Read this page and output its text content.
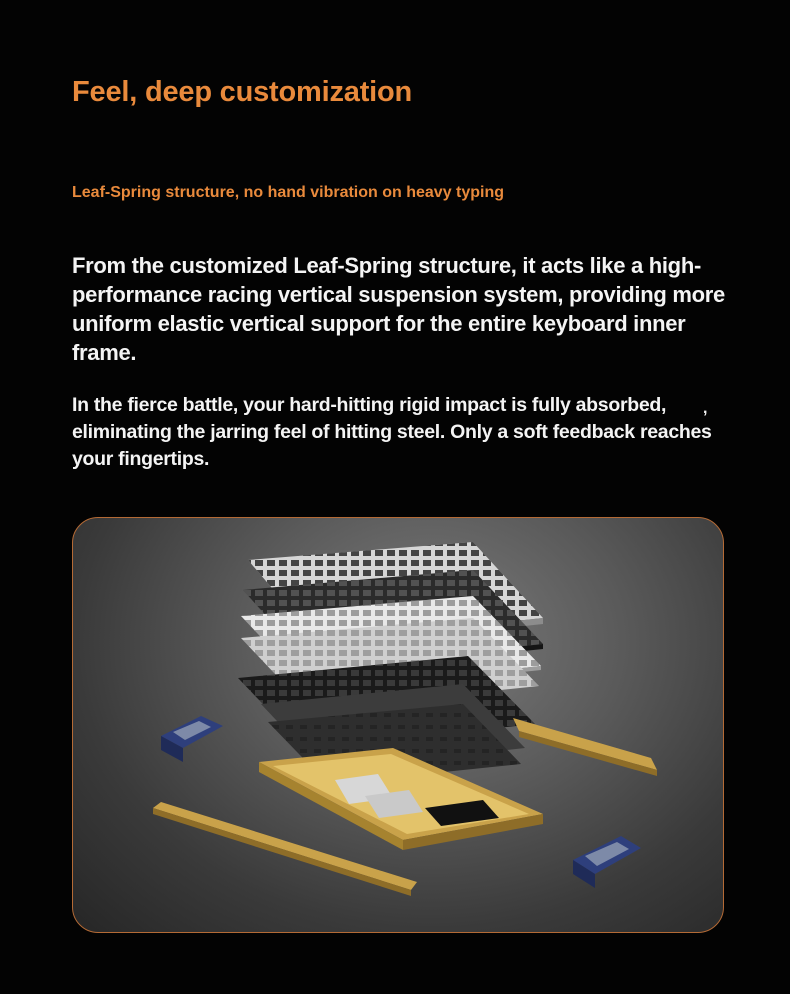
Feel, deep customization
Leaf-Spring structure, no hand vibration on heavy typing

From the customized Leaf-Spring structure, it acts like a high-performance racing vertical suspension system, providing more uniform elastic vertical support for the entire keyboard inner frame.

In the fierce battle, your hard-hitting rigid impact is fully absorbed, eliminating the jarring feel of hitting steel. Only a soft feedback reaches your fingertips.

,
